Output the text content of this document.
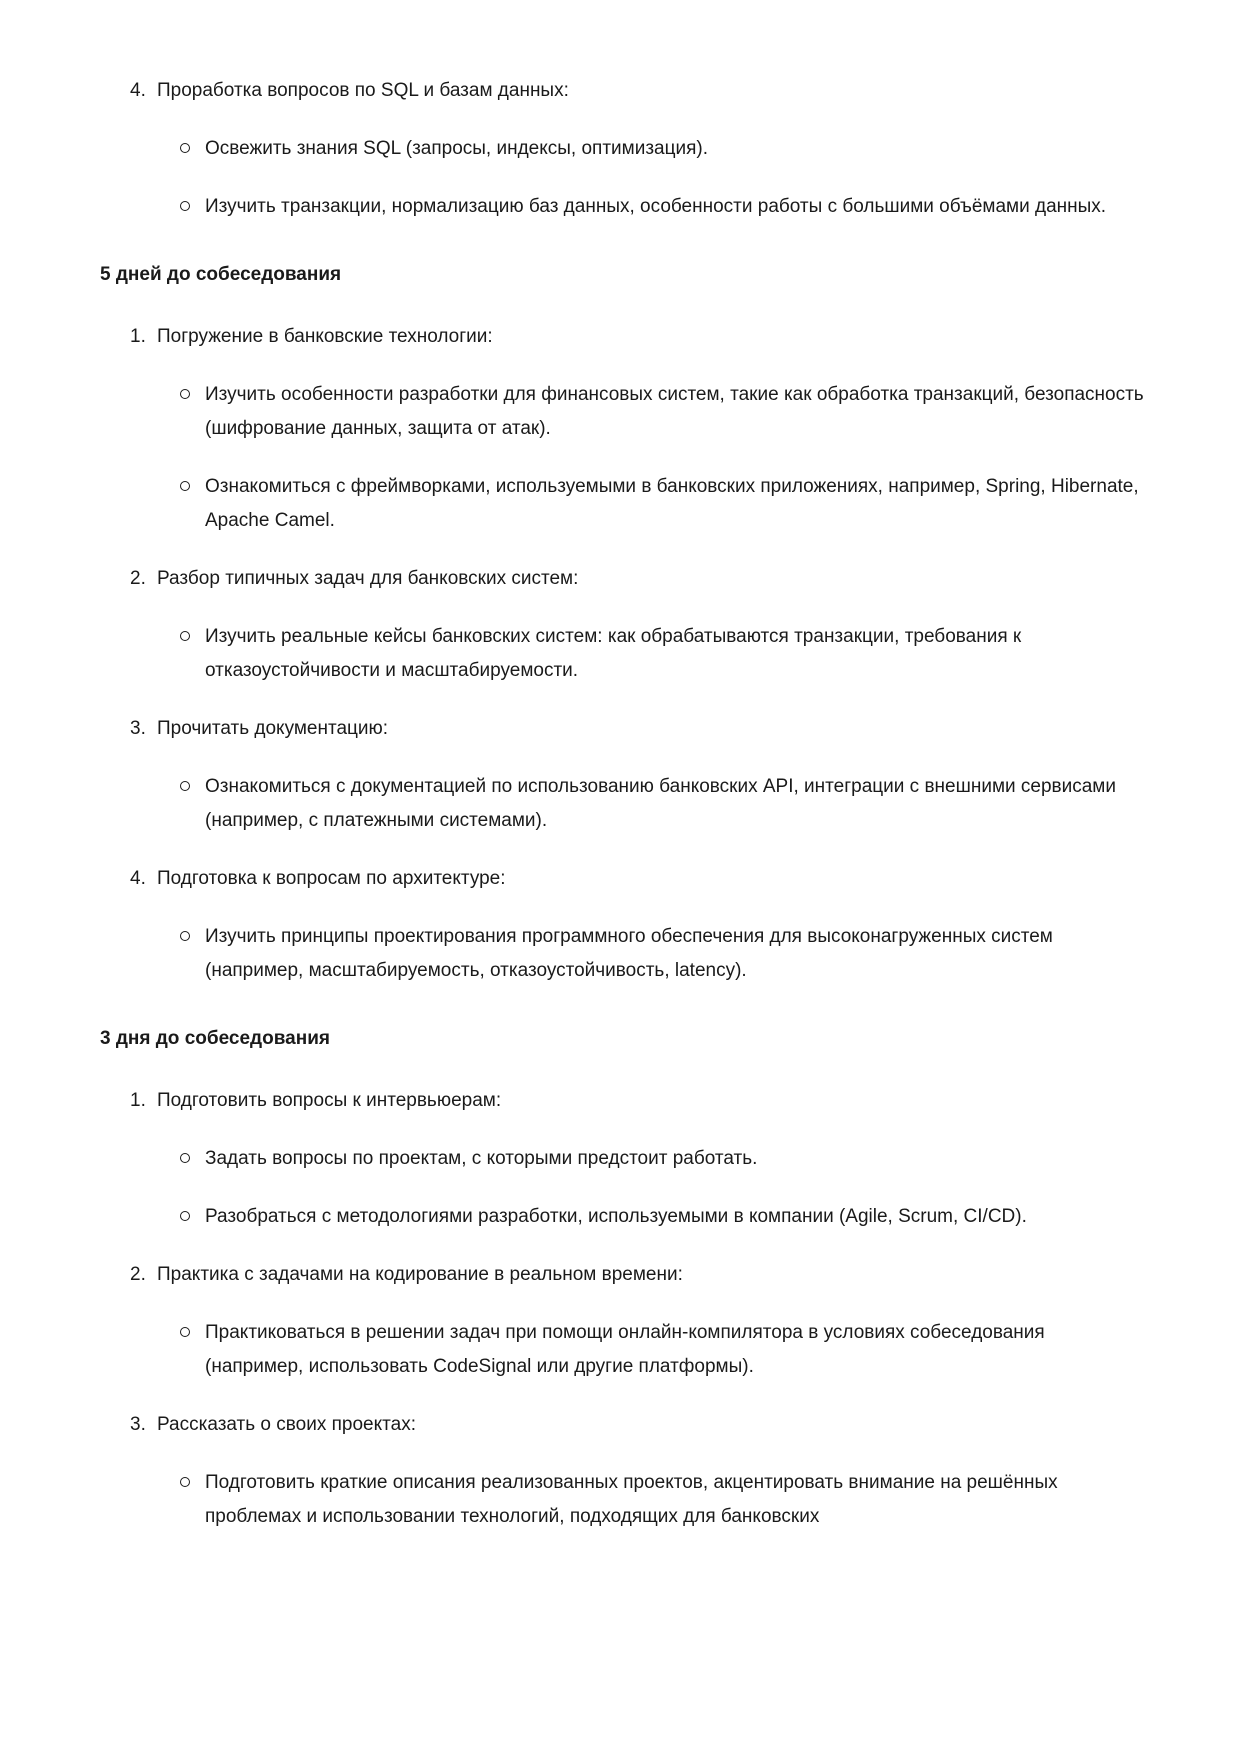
4. Проработка вопросов по SQL и базам данных:
Освежить знания SQL (запросы, индексы, оптимизация).
Изучить транзакции, нормализацию баз данных, особенности работы с большими объёмами данных.
5 дней до собеседования
1. Погружение в банковские технологии:
Изучить особенности разработки для финансовых систем, такие как обработка транзакций, безопасность (шифрование данных, защита от атак).
Ознакомиться с фреймворками, используемыми в банковских приложениях, например, Spring, Hibernate, Apache Camel.
2. Разбор типичных задач для банковских систем:
Изучить реальные кейсы банковских систем: как обрабатываются транзакции, требования к отказоустойчивости и масштабируемости.
3. Прочитать документацию:
Ознакомиться с документацией по использованию банковских API, интеграции с внешними сервисами (например, с платежными системами).
4. Подготовка к вопросам по архитектуре:
Изучить принципы проектирования программного обеспечения для высоконагруженных систем (например, масштабируемость, отказоустойчивость, latency).
3 дня до собеседования
1. Подготовить вопросы к интервьюерам:
Задать вопросы по проектам, с которыми предстоит работать.
Разобраться с методологиями разработки, используемыми в компании (Agile, Scrum, CI/CD).
2. Практика с задачами на кодирование в реальном времени:
Практиковаться в решении задач при помощи онлайн-компилятора в условиях собеседования (например, использовать CodeSignal или другие платформы).
3. Рассказать о своих проектах:
Подготовить краткие описания реализованных проектов, акцентировать внимание на решённых проблемах и использовании технологий, подходящих для банковских
